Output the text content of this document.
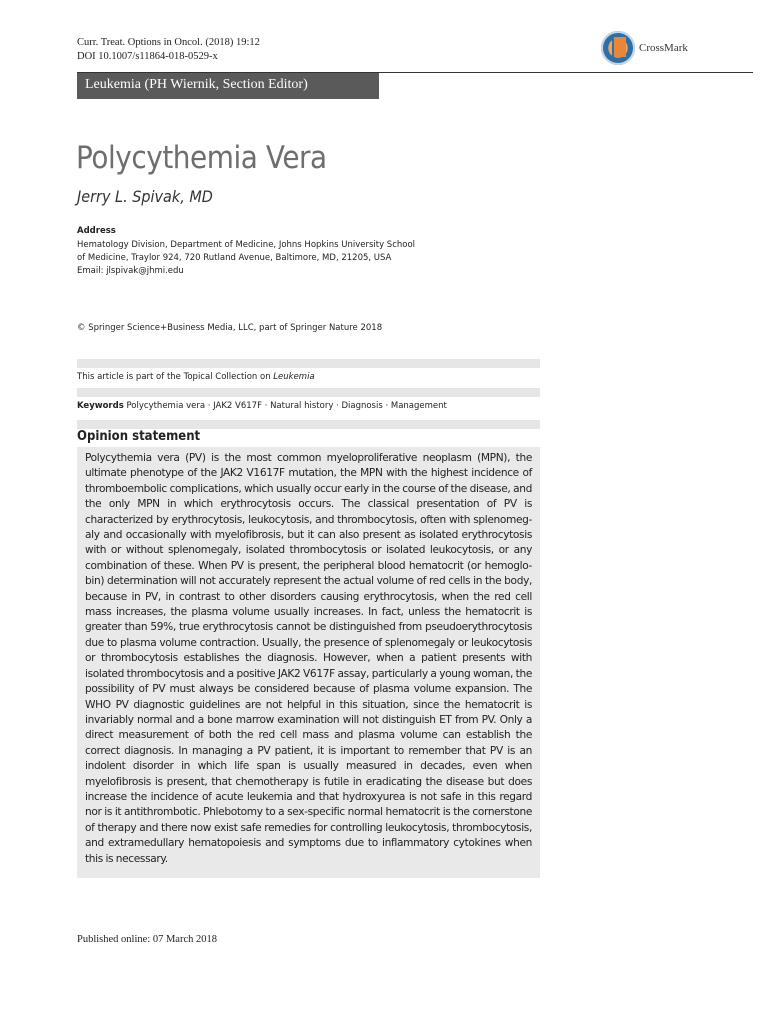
Curr. Treat. Options in Oncol. (2018) 19:12
DOI 10.1007/s11864-018-0529-x
CrossMark
Leukemia (PH Wiernik, Section Editor)
Polycythemia Vera
Jerry L. Spivak, MD
Address
Hematology Division, Department of Medicine, Johns Hopkins University School
of Medicine, Traylor 924, 720 Rutland Avenue, Baltimore, MD, 21205, USA
Email: jlspivak@jhmi.edu
© Springer Science+Business Media, LLC, part of Springer Nature 2018
This article is part of the Topical Collection on Leukemia
Keywords Polycythemia vera · JAK2 V617F · Natural history · Diagnosis · Management
Opinion statement

Polycythemia vera (PV) is the most common myeloproliferative neoplasm (MPN), the ultimate phenotype of the JAK2 V1617F mutation, the MPN with the highest incidence of thromboembolic complications, which usually occur early in the course of the disease, and the only MPN in which erythrocytosis occurs. The classical presentation of PV is characterized by erythrocytosis, leukocytosis, and thrombocytosis, often with splenomeg-aly and occasionally with myelofibrosis, but it can also present as isolated erythrocytosis with or without splenomegaly, isolated thrombocytosis or isolated leukocytosis, or any combination of these. When PV is present, the peripheral blood hematocrit (or hemoglo-bin) determination will not accurately represent the actual volume of red cells in the body, because in PV, in contrast to other disorders causing erythrocytosis, when the red cell mass increases, the plasma volume usually increases. In fact, unless the hematocrit is greater than 59%, true erythrocytosis cannot be distinguished from pseudoerythrocytosis due to plasma volume contraction. Usually, the presence of splenomegaly or leukocytosis or thrombocytosis establishes the diagnosis. However, when a patient presents with isolated thrombocytosis and a positive JAK2 V617F assay, particularly a young woman, the possibility of PV must always be considered because of plasma volume expansion. The WHO PV diagnostic guidelines are not helpful in this situation, since the hematocrit is invariably normal and a bone marrow examination will not distinguish ET from PV. Only a direct measurement of both the red cell mass and plasma volume can establish the correct diagnosis. In managing a PV patient, it is important to remember that PV is an indolent disorder in which life span is usually measured in decades, even when myelofibrosis is present, that chemotherapy is futile in eradicating the disease but does increase the incidence of acute leukemia and that hydroxyurea is not safe in this regard nor is it antithrombotic. Phlebotomy to a sex-specific normal hematocrit is the cornerstone of therapy and there now exist safe remedies for controlling leukocytosis, thrombocytosis, and extramedullary hematopoiesis and symptoms due to inflammatory cytokines when this is necessary.

Published online: 07 March 2018
